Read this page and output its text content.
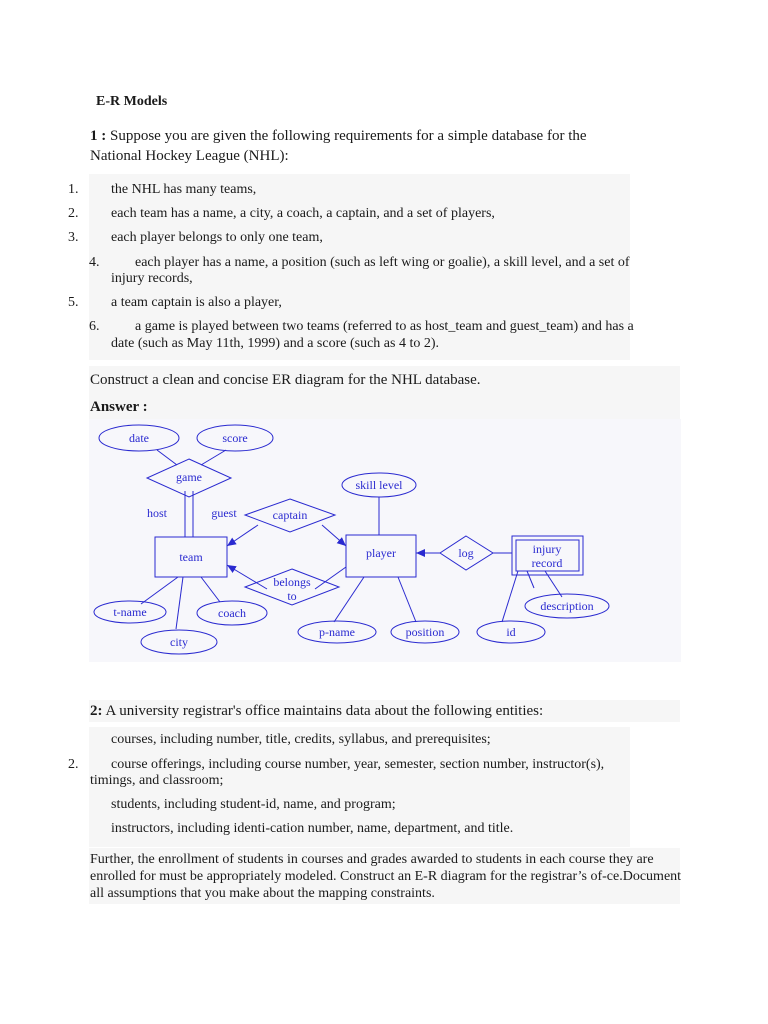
E-R Models
1 : Suppose you are given the following requirements for a simple database for the
National Hockey League (NHL):
1. the NHL has many teams,
2. each team has a name, a city, a coach, a captain, and a set of players,
3. each player belongs to only one team,
4.	each player has a name, a position (such as left wing or goalie), a skill level, and a set of
injury records,
5. a team captain is also a player,
6.	a game is played between two teams (referred to as host_team and guest_team) and has a
date (such as May 11th, 1999) and a score (such as 4 to 2).
Construct a clean and concise ER diagram for the NHL database.
Answer :
date	score
game
skill level
host	guest	captain
team	player	log	injury
record
belongs
to
t-name	coach
city
p-name	position	id
description
2: A university registrar's office maintains data about the following entities:
courses, including number, title, credits, syllabus, and prerequisites;
2. course offerings, including course number, year, semester, section number, instructor(s),
timings, and classroom;
students, including student-id, name, and program;
instructors, including identi-cation number, name, department, and title.
Further, the enrollment of students in courses and grades awarded to students in each course they are
enrolled for must be appropriately modeled. Construct an E-R diagram for the registrar’s of-ce.Document
all assumptions that you make about the mapping constraints.
